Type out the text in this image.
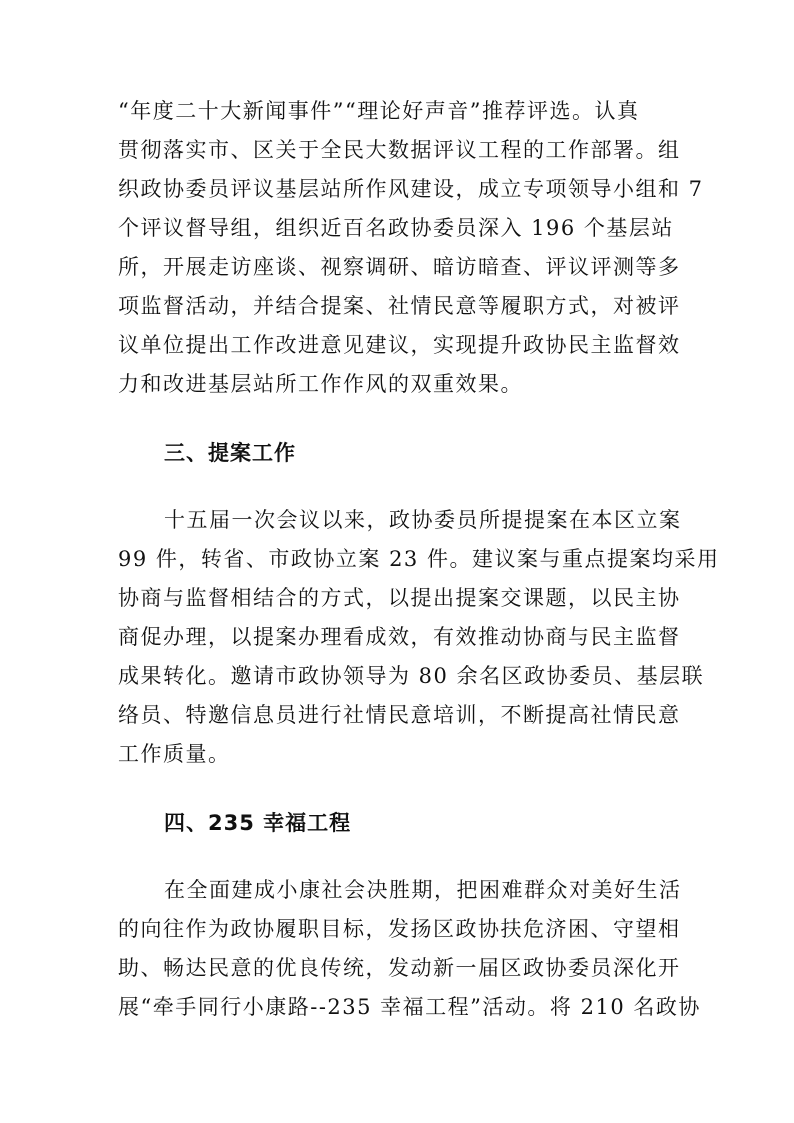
“年度二十大新闻事件”“理论好声音”推荐评选。认真
贯彻落实市、区关于全民大数据评议工程的工作部署。组
织政协委员评议基层站所作风建设，成立专项领导小组和 7
个评议督导组，组织近百名政协委员深入 196 个基层站
所，开展走访座谈、视察调研、暗访暗查、评议评测等多
项监督活动，并结合提案、社情民意等履职方式，对被评
议单位提出工作改进意见建议，实现提升政协民主监督效
力和改进基层站所工作作风的双重效果。

三、提案工作

十五届一次会议以来，政协委员所提提案在本区立案
99 件，转省、市政协立案 23 件。建议案与重点提案均采用
协商与监督相结合的方式，以提出提案交课题，以民主协
商促办理，以提案办理看成效，有效推动协商与民主监督
成果转化。邀请市政协领导为 80 余名区政协委员、基层联
络员、特邀信息员进行社情民意培训，不断提高社情民意
工作质量。

四、235 幸福工程

在全面建成小康社会决胜期，把困难群众对美好生活
的向往作为政协履职目标，发扬区政协扶危济困、守望相
助、畅达民意的优良传统，发动新一届区政协委员深化开
展“牵手同行小康路--235 幸福工程”活动。将 210 名政协
